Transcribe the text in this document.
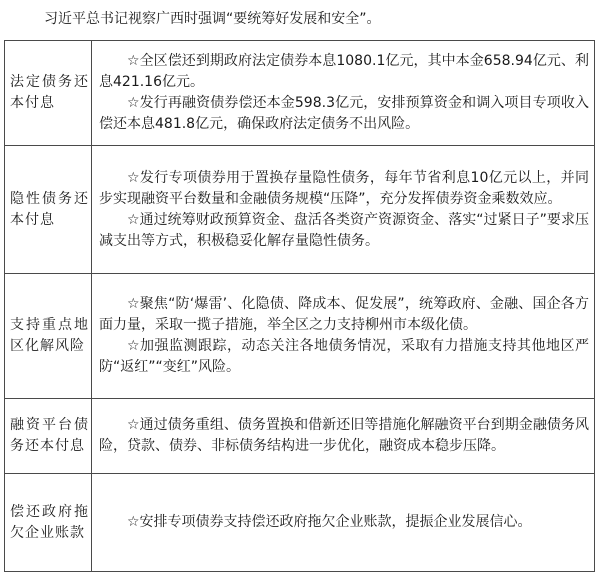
习近平总书记视察广西时强调“要统筹好发展和安全”。
法定债务还本付息	☆全区偿还到期政府法定债券本息1080.1亿元，其中本金658.94亿元、利息421.16亿元。
☆发行再融资债券偿还本金598.3亿元，安排预算资金和调入项目专项收入偿还本息481.8亿元，确保政府法定债务不出风险。

隐性债务还本付息	☆发行专项债券用于置换存量隐性债务，每年节省利息10亿元以上，并同步实现融资平台数量和金融债务规模“压降”，充分发挥债券资金乘数效应。
☆通过统筹财政预算资金、盘活各类资产资源资金、落实“过紧日子”要求压减支出等方式，积极稳妥化解存量隐性债务。

支持重点地区化解风险	☆聚焦“防‘爆雷’、化隐债、降成本、促发展”，统筹政府、金融、国企各方面力量，采取一揽子措施，举全区之力支持柳州市本级化债。
☆加强监测跟踪，动态关注各地债务情况，采取有力措施支持其他地区严防“返红”“变红”风险。

融资平台债务还本付息	☆通过债务重组、债务置换和借新还旧等措施化解融资平台到期金融债务风险，贷款、债券、非标债务结构进一步优化，融资成本稳步压降。

偿还政府拖欠企业账款	☆安排专项债券支持偿还政府拖欠企业账款，提振企业发展信心。
